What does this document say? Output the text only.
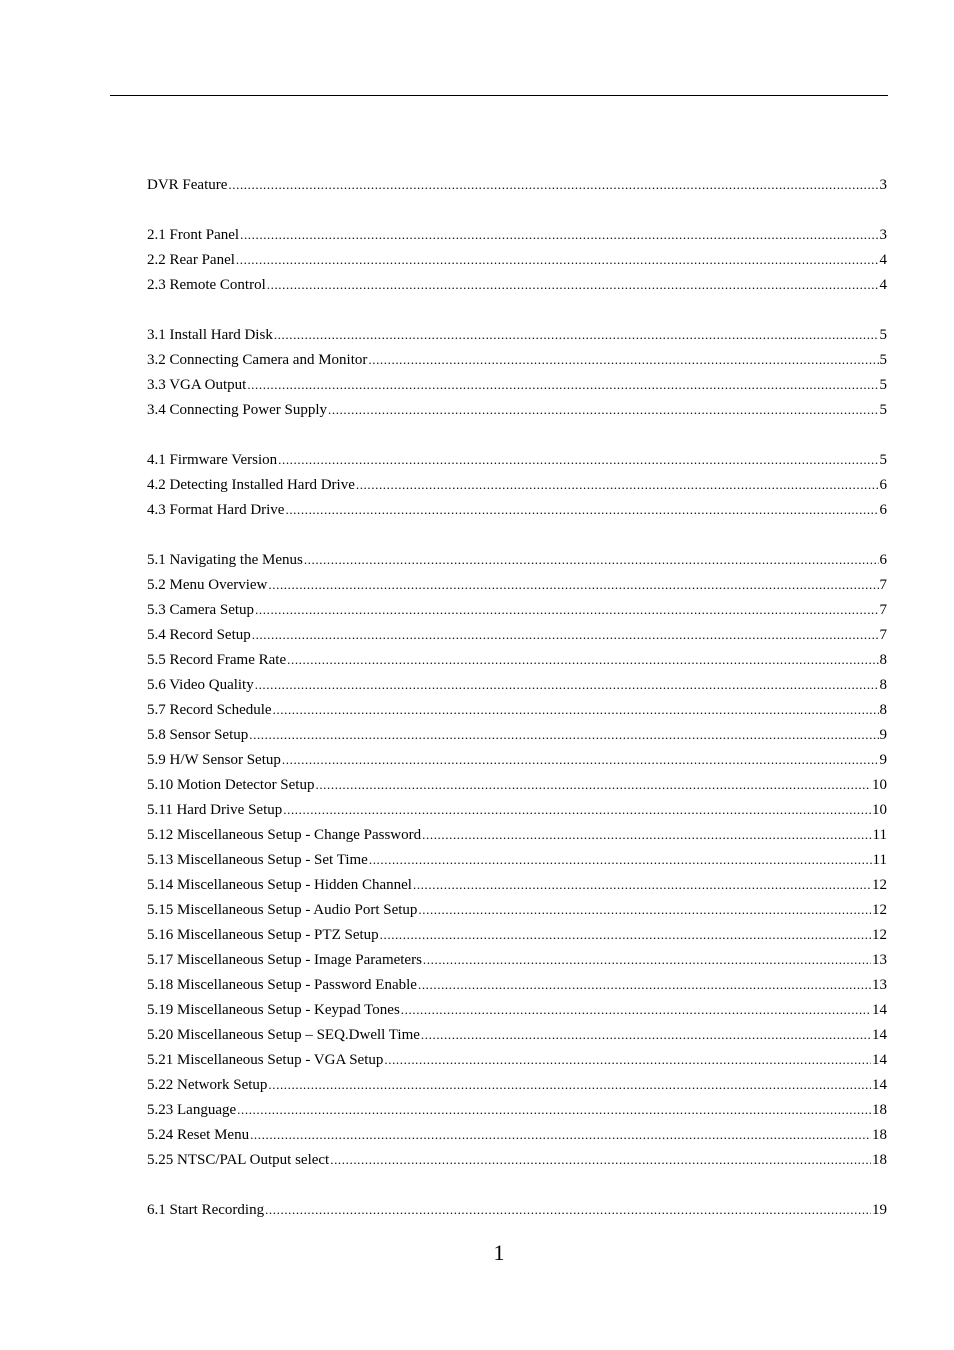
DVR Feature .....	3
2.1 Front Panel .....	3
2.2 Rear Panel .....	4
2.3 Remote Control .....	4
3.1 Install Hard Disk .....	5
3.2 Connecting Camera and Monitor .....	5
3.3 VGA Output .....	5
3.4 Connecting Power Supply .....	5
4.1 Firmware Version .....	5
4.2 Detecting Installed Hard Drive .....	6
4.3 Format Hard Drive .....	6
5.1 Navigating the Menus .....	6
5.2 Menu Overview .....	7
5.3 Camera Setup .....	7
5.4 Record Setup .....	7
5.5 Record Frame Rate .....	8
5.6 Video Quality .....	8
5.7 Record Schedule .....	8
5.8 Sensor Setup .....	9
5.9 H/W Sensor Setup .....	9
5.10 Motion Detector Setup .....	10
5.11 Hard Drive Setup .....	10
5.12 Miscellaneous Setup - Change Password .....	11
5.13 Miscellaneous Setup - Set Time .....	11
5.14 Miscellaneous Setup - Hidden Channel .....	12
5.15 Miscellaneous Setup - Audio Port Setup .....	12
5.16 Miscellaneous Setup - PTZ Setup .....	12
5.17 Miscellaneous Setup - Image Parameters .....	13
5.18 Miscellaneous Setup - Password Enable .....	13
5.19 Miscellaneous Setup - Keypad Tones .....	14
5.20 Miscellaneous Setup – SEQ.Dwell Time .....	14
5.21 Miscellaneous Setup - VGA Setup .....	14
5.22 Network Setup .....	14
5.23 Language .....	18
5.24 Reset Menu .....	18
5.25 NTSC/PAL Output select .....	18
6.1 Start Recording .....	19
1
